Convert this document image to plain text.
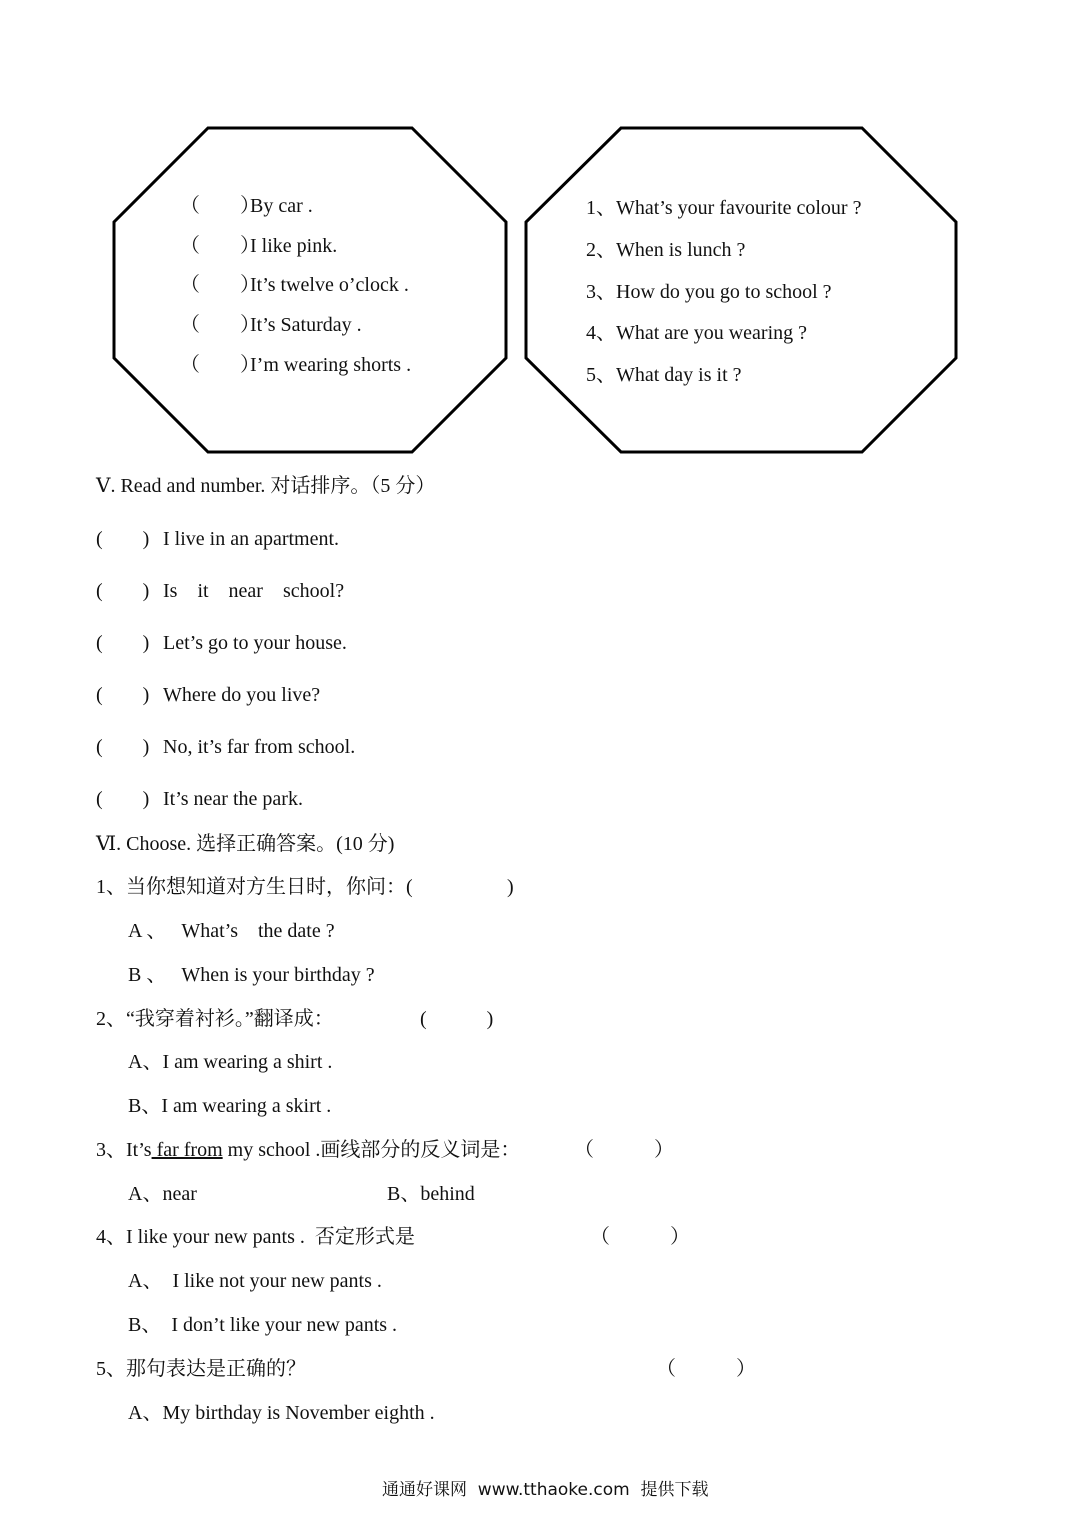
（　　）
By car .
（　　）
I like pink.
（　　）
It’s twelve o’clock .
（　　）
It’s Saturday .
（　　）
I’m wearing shorts .
1、What’s your favourite colour ?
2、When is lunch ?
3、How do you go to school ?
4、What are you wearing ?
5、What day is it ?
Ⅴ. Read and number. 对话排序。（5 分）
(　　) I live in an apartment.
(　　) Is    it    near    school?
(　　) Let’s go to your house.
(　　) Where do you live?
(　　) No, it’s far from school.
(　　) It’s near the park.
Ⅵ. Choose. 选择正确答案。(10 分)
1、当你想知道对方生日时，你问：(	)
A 、   What’s    the date ?
B 、   When is your birthday ?
2、“我穿着衬衫。”翻译成：	(　　　)
A、I am wearing a shirt .
B、I am wearing a skirt .
3、It’s far from my school .画线部分的反义词是：	（　　　）
A、near	B、behind
4、I like your new pants .  否定形式是	（　　　）
A、  I like not your new pants .
B、  I don’t like your new pants .
5、那句表达是正确的？	（　　　）
A、My birthday is November eighth .
通通好课网  www.tthaoke.com  提供下载
